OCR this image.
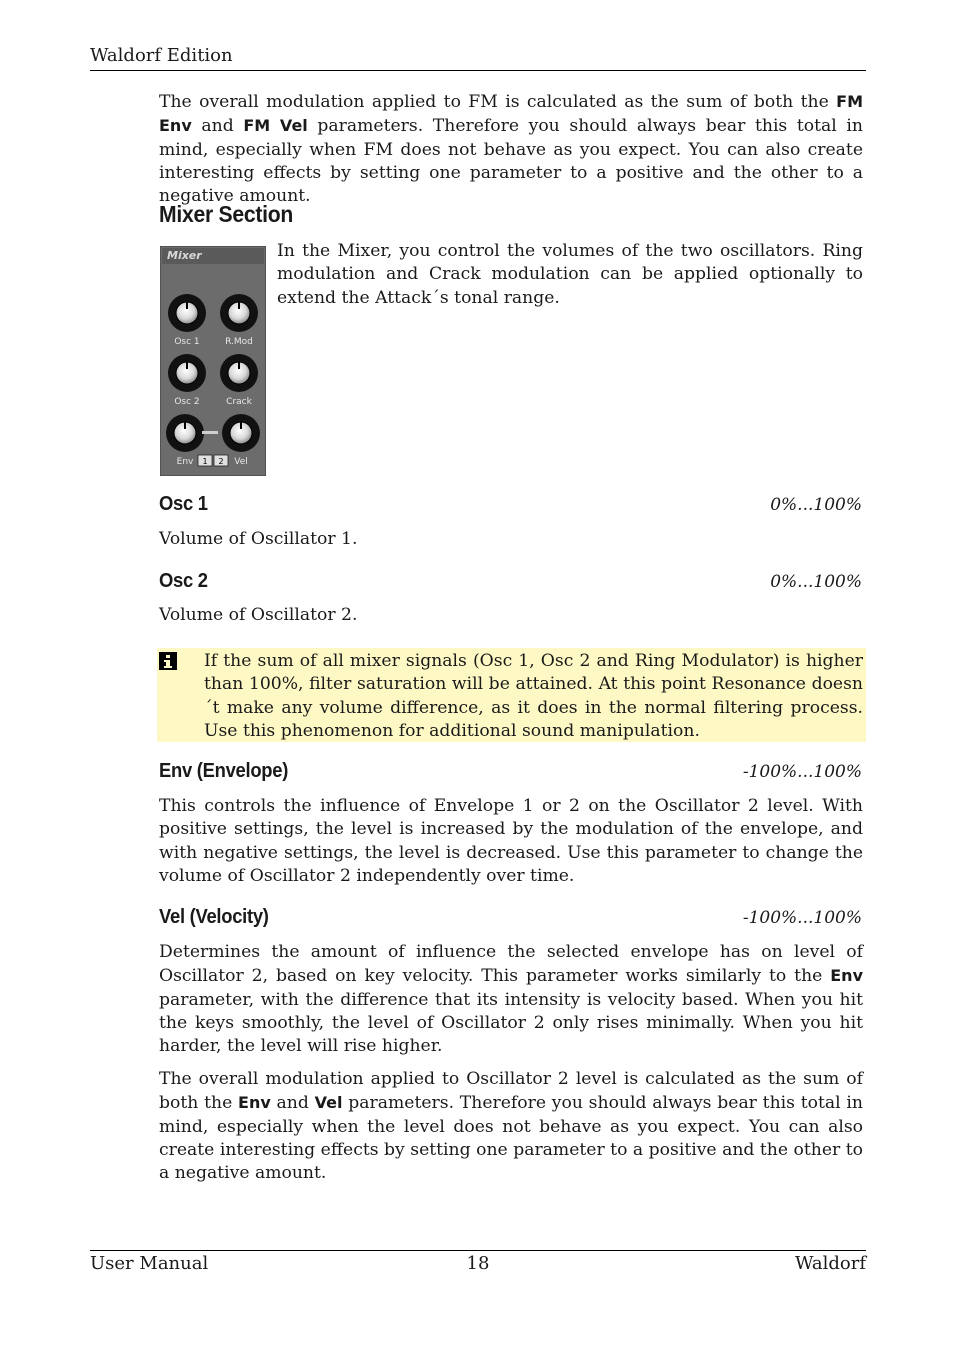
Waldorf Edition

The overall modulation applied to FM is calculated as the sum of both the FM Env and FM Vel parameters. Therefore you should always bear this total in mind, especially when FM does not behave as you expect. You can also create interesting effects by setting one parameter to a positive and the other to a negative amount.

Mixer Section
Mixer
Osc 1	R.Mod
Osc 2	Crack
Env	Vel
1 2

In the Mixer, you control the volumes of the two oscillators. Ring modulation and Crack modulation can be applied optionally to extend the Attack´s tonal range.

Osc 1	0%...100%

Volume of Oscillator 1.

Osc 2	0%...100%

Volume of Oscillator 2.

If the sum of all mixer signals (Osc 1, Osc 2 and Ring Modulator) is higher than 100%, filter saturation will be attained. At this point Resonance doesn´t make any volume difference, as it does in the normal filtering process. Use this phenomenon for additional sound manipulation.
Env (Envelope)	-100%...100%

This controls the influence of Envelope 1 or 2 on the Oscillator 2 level. With positive settings, the level is increased by the modulation of the envelope, and with negative settings, the level is decreased. Use this parameter to change the volume of Oscillator 2 independently over time.

Vel (Velocity)	-100%...100%

Determines the amount of influence the selected envelope has on level of Oscillator 2, based on key velocity. This parameter works similarly to the Env parameter, with the difference that its intensity is velocity based. When you hit the keys smoothly, the level of Oscillator 2 only rises minimally. When you hit harder, the level will rise higher.

The overall modulation applied to Oscillator 2 level is calculated as the sum of both the Env and Vel parameters. Therefore you should always bear this total in mind, especially when the level does not behave as you expect. You can also create interesting effects by setting one parameter to a positive and the other to a negative amount.

User Manual	18	Waldorf
